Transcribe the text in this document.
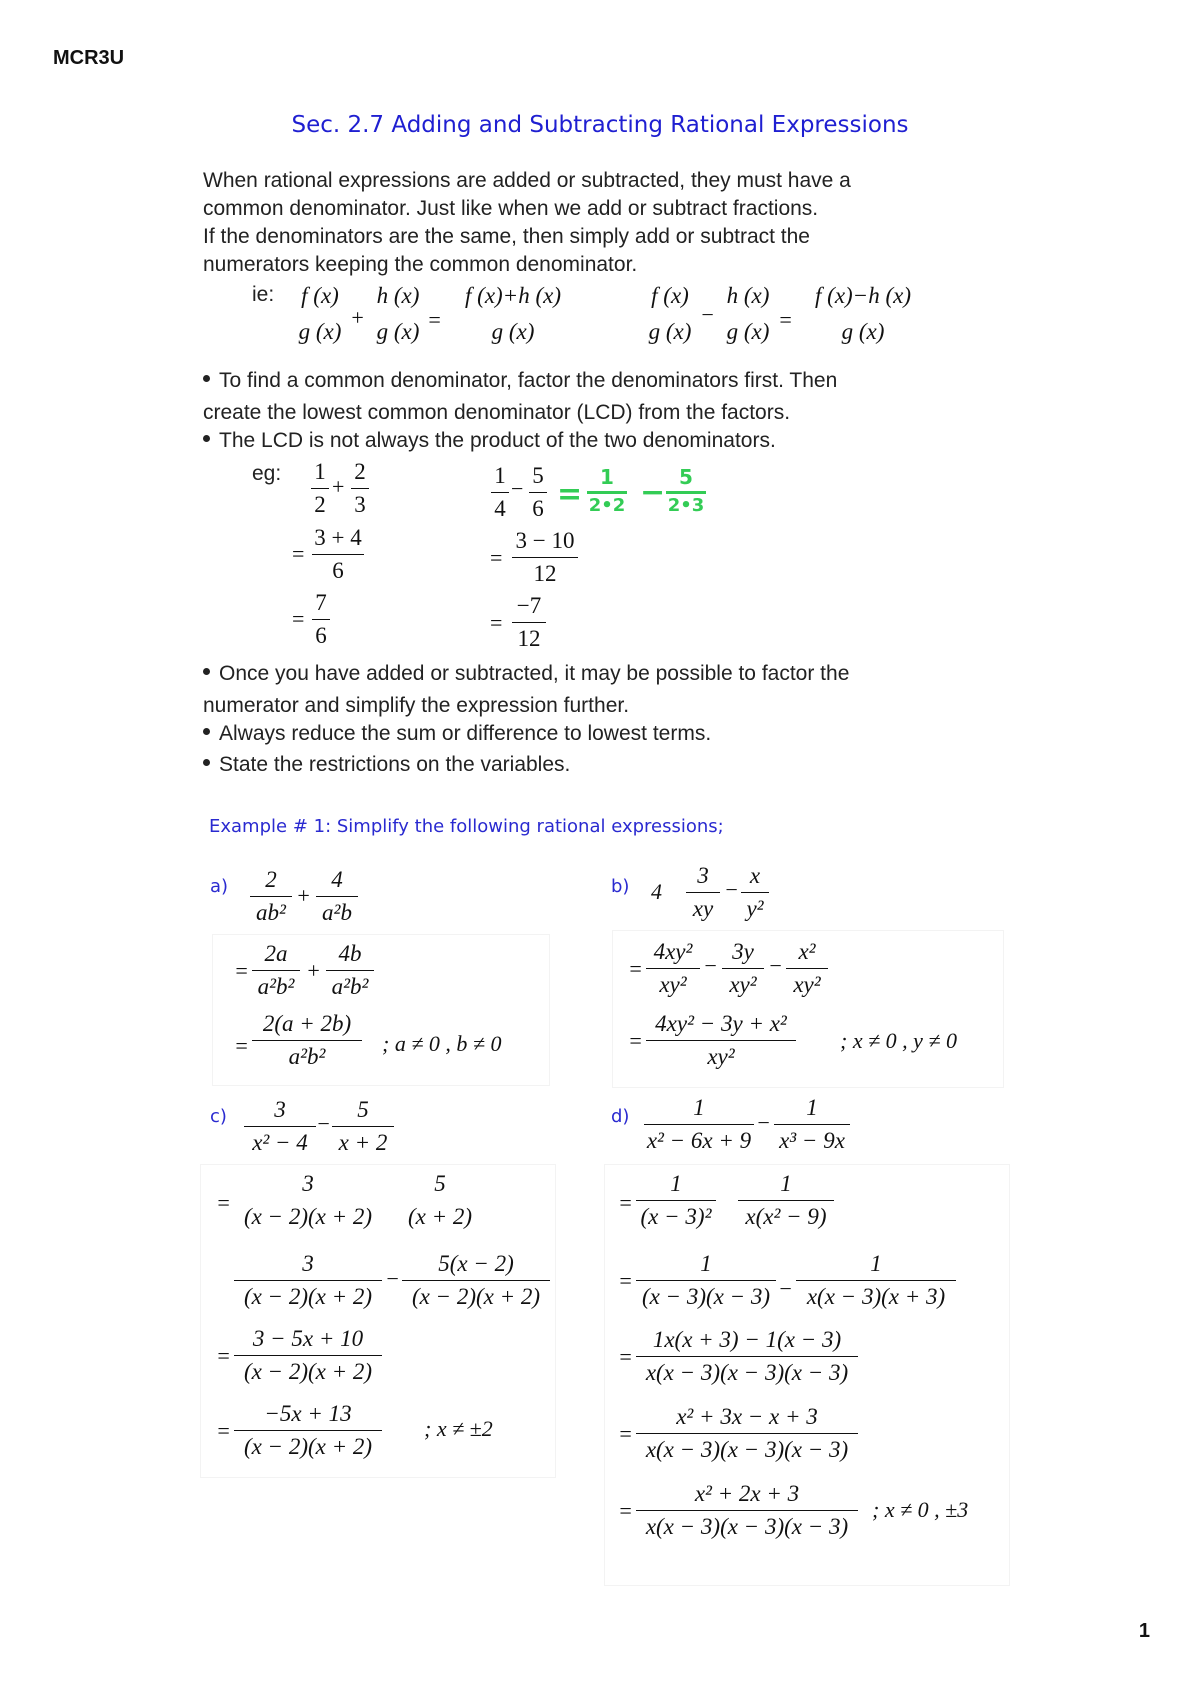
MCR3U
1
Sec. 2.7 Adding and Subtracting Rational Expressions
When rational expressions are added or subtracted, they must have a
common denominator. Just like when we add or subtract fractions.
If the denominators are the same, then simply add or subtract the
numerators keeping the common denominator.
ie:	f (x)
g (x)
+
h (x)
g (x) =
f (x)+h (x)
g (x)
f (x)
g (x)
−
h (x)
g (x) =
f (x)−h (x)
g (x)
To find a common denominator, factor the denominators first. Then
create the lowest common denominator (LCD) from the factors.
The LCD is not always the product of the two denominators.
eg: 1
2
+
2
3
=
3 + 4
6
=
7
6
1
4
−
5
6
=
3 − 10
12
=
−7
12
= 1
2•2 − 5
2•3
Once you have added or subtracted, it may be possible to factor the
numerator and simplify the expression further.
Always reduce the sum or difference to lowest terms.
State the restrictions on the variables.
Example # 1: Simplify the following rational expressions;
a)	2
ab²
+
4
a²b
=
2a
a²b²
+
4b
a²b²
=
2(a + 2b)
a²b²
; a ≠ 0 , b ≠ 0
b) 4
3
xy
−
x
y²
=
4xy²
xy²
−
3y
xy²
−
x²
xy²
=
4xy² − 3y + x²
xy²
; x ≠ 0 , y ≠ 0
c)	3
x² − 4
−
5
x + 2
=
3
(x − 2)(x + 2)
5
(x + 2)
3
(x − 2)(x + 2)
−
5(x − 2)
(x − 2)(x + 2)
=
3 − 5x + 10
(x − 2)(x + 2)
=
−5x + 13
(x − 2)(x + 2)
; x ≠ ±2
d)	1
x² − 6x + 9
−
1
x³ − 9x
=
1
(x − 3)²
1
x(x² − 9)
=
1
(x − 3)(x − 3) −
1
x(x − 3)(x + 3)
=
1x(x + 3) − 1(x − 3)
x(x − 3)(x − 3)(x − 3)
=
x² + 3x − x + 3
x(x − 3)(x − 3)(x − 3)
=
x² + 2x + 3
x(x − 3)(x − 3)(x − 3)
; x ≠ 0 , ±3
